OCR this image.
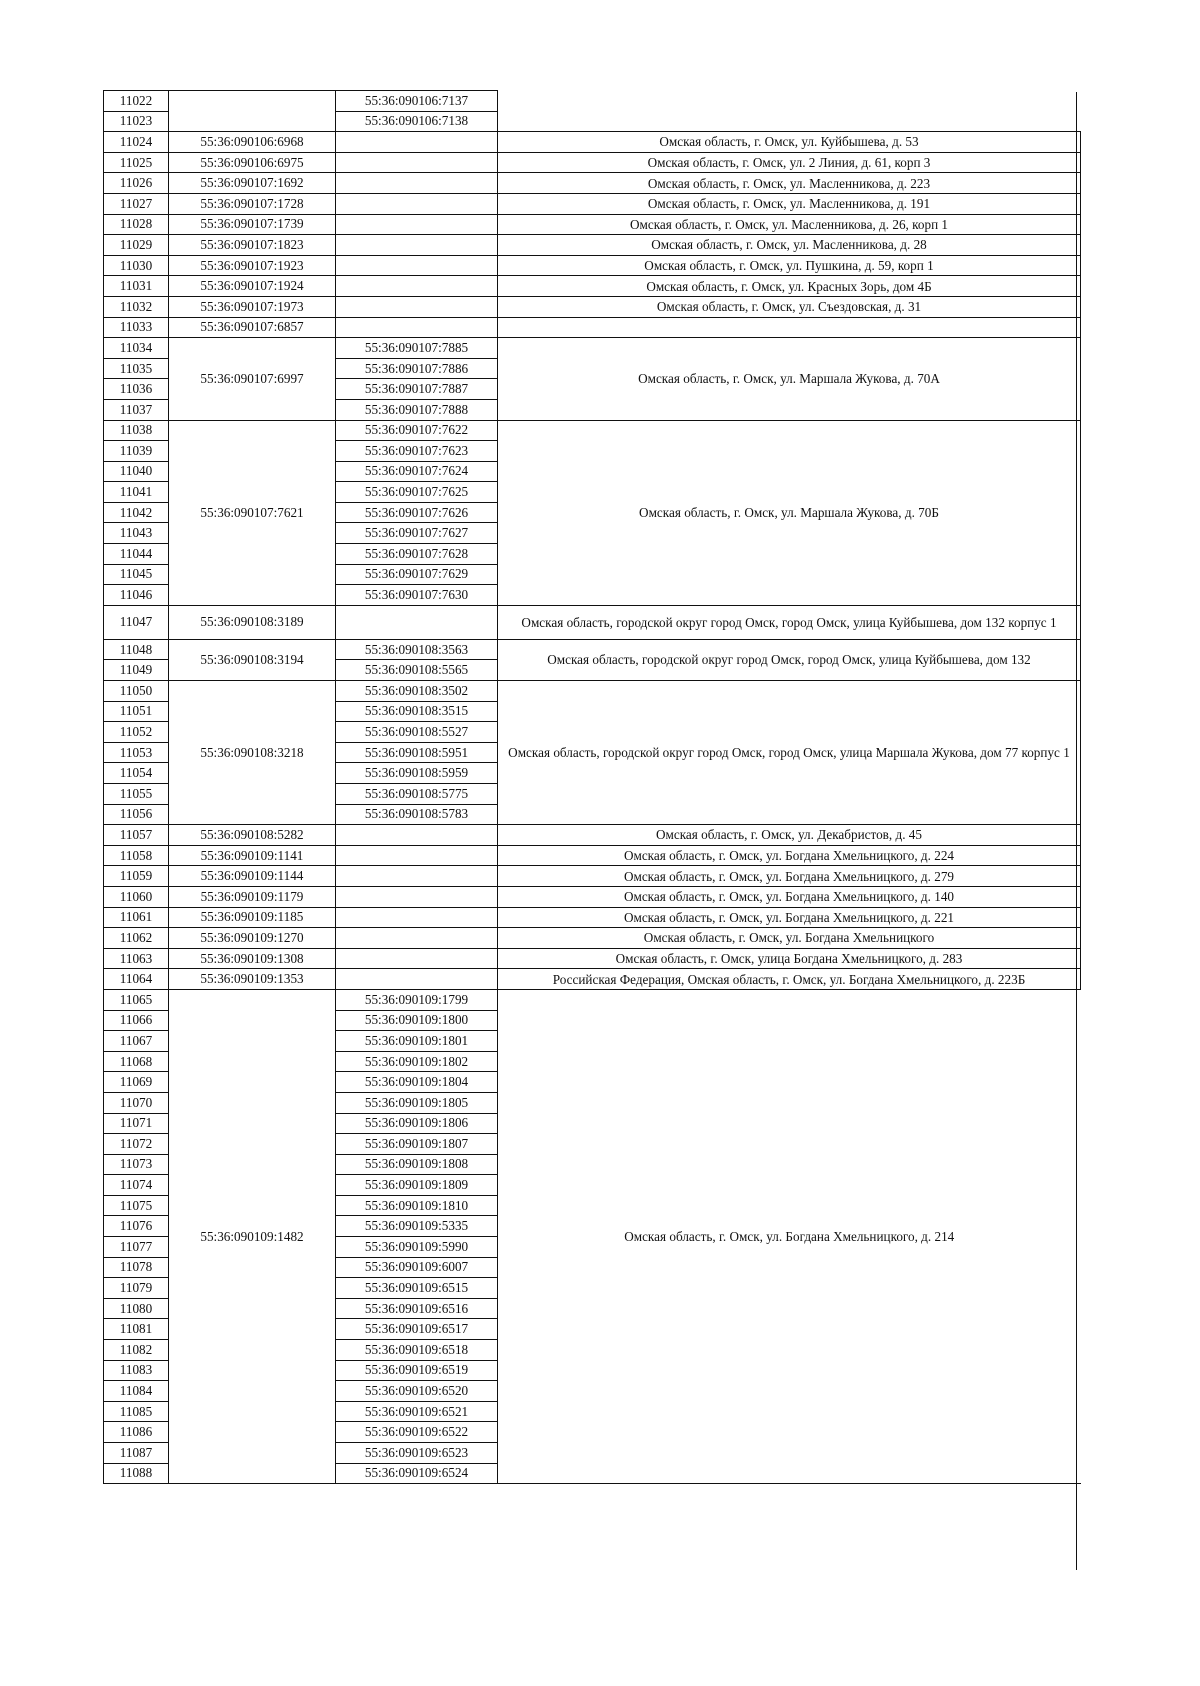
11022		55:36:090106:7137	
11023		55:36:090106:7138	
11024	55:36:090106:6968		Омская область, г. Омск, ул. Куйбышева, д. 53
11025	55:36:090106:6975		Омская область, г. Омск, ул. 2 Линия, д. 61, корп 3
11026	55:36:090107:1692		Омская область, г. Омск, ул. Масленникова, д. 223
11027	55:36:090107:1728		Омская область, г. Омск, ул. Масленникова, д. 191
11028	55:36:090107:1739		Омская область, г. Омск, ул. Масленникова, д. 26, корп 1
11029	55:36:090107:1823		Омская область, г. Омск, ул. Масленникова, д. 28
11030	55:36:090107:1923		Омская область, г. Омск, ул. Пушкина, д. 59, корп 1
11031	55:36:090107:1924		Омская область, г. Омск, ул. Красных Зорь, дом 4Б
11032	55:36:090107:1973		Омская область, г. Омск, ул. Съездовская, д. 31
11033	55:36:090107:6857		
11034	55:36:090107:6997	55:36:090107:7885	Омская область, г. Омск, ул. Маршала Жукова, д. 70А
11035		55:36:090107:7886	
11036		55:36:090107:7887	
11037		55:36:090107:7888	
11038	55:36:090107:7621	55:36:090107:7622	Омская область, г. Омск, ул. Маршала Жукова, д. 70Б
11039		55:36:090107:7623	
11040		55:36:090107:7624	
11041		55:36:090107:7625	
11042		55:36:090107:7626	
11043		55:36:090107:7627	
11044		55:36:090107:7628	
11045		55:36:090107:7629	
11046		55:36:090107:7630	
11047	55:36:090108:3189		Омская область, городской округ город Омск, город Омск, улица Куйбышева, дом 132 корпус 1
11048	55:36:090108:3194	55:36:090108:3563	Омская область, городской округ город Омск, город Омск, улица Куйбышева, дом 132
11049		55:36:090108:5565	
11050	55:36:090108:3218	55:36:090108:3502	Омская область, городской округ город Омск, город Омск, улица Маршала Жукова, дом 77 корпус 1
11051		55:36:090108:3515	
11052		55:36:090108:5527	
11053		55:36:090108:5951	
11054		55:36:090108:5959	
11055		55:36:090108:5775	
11056		55:36:090108:5783	
11057	55:36:090108:5282		Омская область, г. Омск, ул. Декабристов, д. 45
11058	55:36:090109:1141		Омская область, г. Омск, ул. Богдана Хмельницкого, д. 224
11059	55:36:090109:1144		Омская область, г. Омск, ул. Богдана Хмельницкого, д. 279
11060	55:36:090109:1179		Омская область, г. Омск, ул. Богдана Хмельницкого, д. 140
11061	55:36:090109:1185		Омская область, г. Омск, ул. Богдана Хмельницкого, д. 221
11062	55:36:090109:1270		Омская область, г. Омск, ул. Богдана Хмельницкого
11063	55:36:090109:1308		Омская область, г. Омск, улица Богдана Хмельницкого, д. 283
11064	55:36:090109:1353		Российская Федерация, Омская область, г. Омск, ул. Богдана Хмельницкого, д. 223Б
11065	55:36:090109:1482	55:36:090109:1799	Омская область, г. Омск, ул. Богдана Хмельницкого, д. 214
11066		55:36:090109:1800	
11067		55:36:090109:1801	
11068		55:36:090109:1802	
11069		55:36:090109:1804	
11070		55:36:090109:1805	
11071		55:36:090109:1806	
11072		55:36:090109:1807	
11073		55:36:090109:1808	
11074		55:36:090109:1809	
11075		55:36:090109:1810	
11076		55:36:090109:5335	
11077		55:36:090109:5990	
11078		55:36:090109:6007	
11079		55:36:090109:6515	
11080		55:36:090109:6516	
11081		55:36:090109:6517	
11082		55:36:090109:6518	
11083		55:36:090109:6519	
11084		55:36:090109:6520	
11085		55:36:090109:6521	
11086		55:36:090109:6522	
11087		55:36:090109:6523	
11088		55:36:090109:6524	
